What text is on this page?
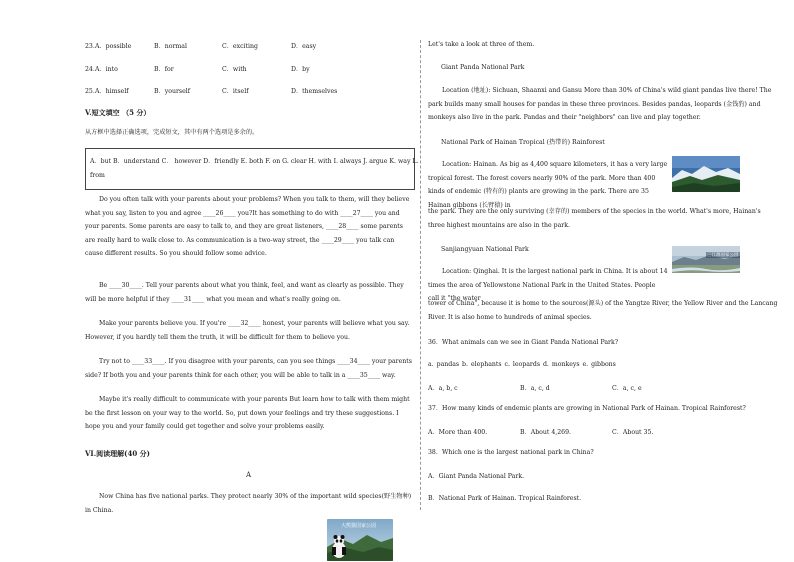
23．
A．possible	B．normal	C．exciting	D．easy
24．
A．into	B．for	C．with	D．by
25．
A．himself	B．yourself	C．itself	D．themselves
V.短文填空 （5 分）
从方框中选择正确选项，完成短文，其中有两个选项是多余的。
A．but B．understand C． however D．friendly E. both F. on G. clear H. with I. always J. argue K. way L.
from
Do you often talk with your parents about your problems? When you talk to them, will they believe what you say, listen to you and agree ____26____ you?It has something to do with ____27____ you and your parents. Some parents are easy to talk to, and they are great listeners, ____28____ some parents are really hard to walk close to. As communication is a two-way street, the ____29____ you talk can cause different results. So you should follow some advice.
Be ____30____. Tell your parents about what you think, feel, and want as clearly as possible. They will be more helpful if they ____31____ what you mean and what's really going on.
Make your parents believe you. If you're ____32____ honest, your parents will believe what you say. However, if you hardly tell them the truth, it will be difficult for them to believe you.
Try not to ____33____. If you disagree with your parents, can you see things ____34____ your parents side? If both you and your parents think for each other, you will be able to talk in a ____35____ way.
Maybe it's really difficult to communicate with your parents But learn how to talk with them might be the first lesson on your way to the world. So, put down your feelings and try these suggestions. I hope you and your family could get together and solve your problems easily.
VI.阅读理解(40 分)
A
Now China has five national parks. They protect nearly 30% of the important wild species(野生物种) in China.
大熊猫国家公园
Let's take a look at three of them.
Giant Panda National Park
Location (地址): Sichuan, Shaanxi and Gansu More than 30% of China's wild giant pandas live there! The park builds many small houses for pandas in these three provinces. Besides pandas, leopards (金钱豹) and monkeys also live in the park. Pandas and their "neighbors" can live and play together.
National Park of Hainan Tropical (热带的) Rainforest
Location: Hainan. As big as 4,400 square kilometers, it has a very large tropical forest. The forest covers nearly 90% of the park. More than 400 kinds of endemic (特有的) plants are growing in the park. There are 35 Hainan gibbons (长臂猿) in
the park. They are the only surviving (幸存的) members of the species in the world. What's more, Hainan's three highest mountains are also in the park.
Sanjiangyuan National Park
Location: Qinghai. It is the largest national park in China. It is about 14 times the area of Yellowstone National Park in the United States. People call it "the water
tower of China", because it is home to the sources(源头) of the Yangtze River, the Yellow River and the Lancang River. It is also home to hundreds of animal species.
36．What animals can we see in Giant Panda National Park?
a. pandas b. elephants c. leopards d. monkeys e. gibbons
A．a, b, c	B．a, c, d	C．a, c, e
37．How many kinds of endemic plants are growing in National Park of Hainan. Tropical Rainforest?
A．More than 400.	B．About 4,269.	C．About 35.
38．Which one is the largest national park in China?
A．Giant Panda National Park.
B．National Park of Hainan. Tropical Rainforest.
三江源国家公园
